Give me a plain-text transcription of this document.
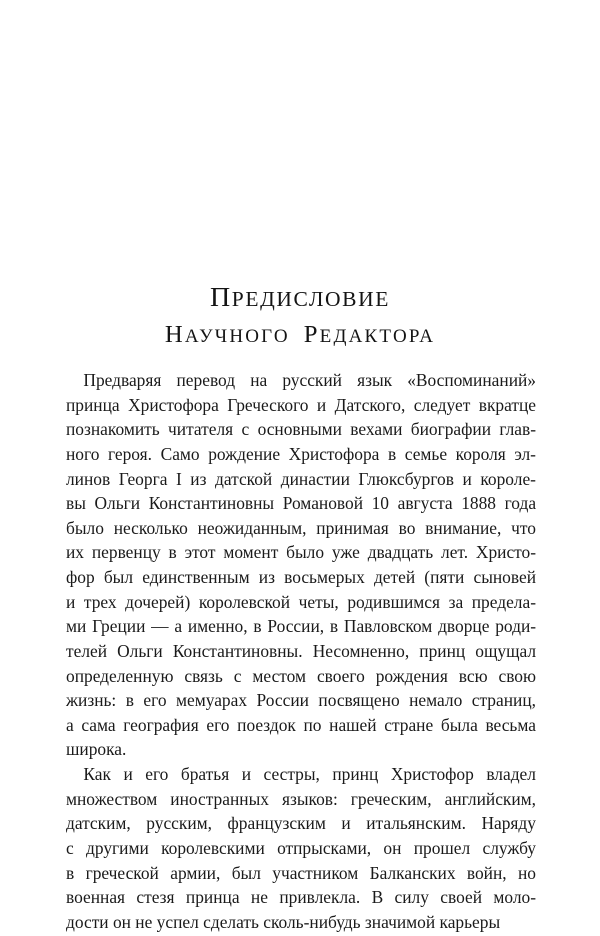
ПРЕДИСЛОВИЕ
НАУЧНОГО РЕДАКТОРА

Предваряя перевод на русский язык «Воспоминаний»
принца Христофора Греческого и Датского, следует вкратце
познакомить читателя с основными вехами биографии глав-
ного героя. Само рождение Христофора в семье короля эл-
линов Георга I из датской династии Глюксбургов и короле-
вы Ольги Константиновны Романовой 10 августа 1888 года
было несколько неожиданным, принимая во внимание, что
их первенцу в этот момент было уже двадцать лет. Христо-
фор был единственным из восьмерых детей (пяти сыновей
и трех дочерей) королевской четы, родившимся за предела-
ми Греции — а именно, в России, в Павловском дворце роди-
телей Ольги Константиновны. Несомненно, принц ощущал
определенную связь с местом своего рождения всю свою
жизнь: в его мемуарах России посвящено немало страниц,
а сама география его поездок по нашей стране была весьма
широка.

Как и его братья и сестры, принц Христофор владел
множеством иностранных языков: греческим, английским,
датским, русским, французским и итальянским. Наряду
с другими королевскими отпрысками, он прошел службу
в греческой армии, был участником Балканских войн, но
военная стезя принца не привлекла. В силу своей моло-
дости он не успел сделать сколь-нибудь значимой карьеры
